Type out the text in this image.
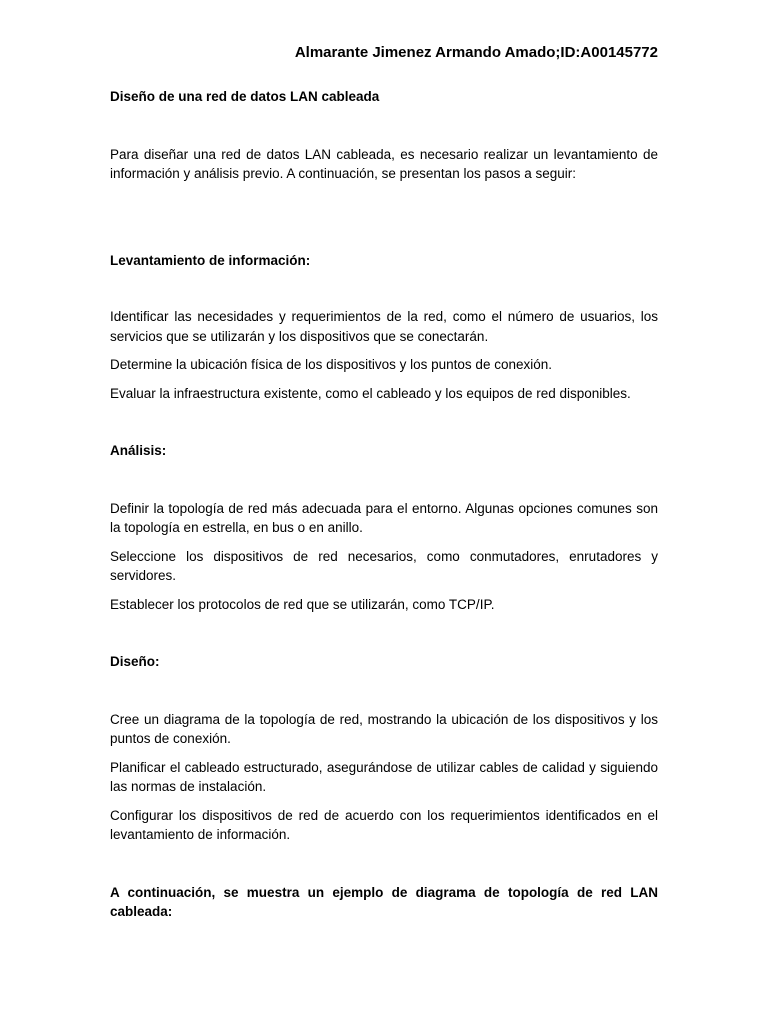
Almarante Jimenez Armando Amado;ID:A00145772

Diseño de una red de datos LAN cableada

Para diseñar una red de datos LAN cableada, es necesario realizar un levantamiento de información y análisis previo. A continuación, se presentan los pasos a seguir:

Levantamiento de información:

Identificar las necesidades y requerimientos de la red, como el número de usuarios, los servicios que se utilizarán y los dispositivos que se conectarán.

Determine la ubicación física de los dispositivos y los puntos de conexión.

Evaluar la infraestructura existente, como el cableado y los equipos de red disponibles.

Análisis:

Definir la topología de red más adecuada para el entorno. Algunas opciones comunes son la topología en estrella, en bus o en anillo.

Seleccione los dispositivos de red necesarios, como conmutadores, enrutadores y servidores.

Establecer los protocolos de red que se utilizarán, como TCP/IP.

Diseño:

Cree un diagrama de la topología de red, mostrando la ubicación de los dispositivos y los puntos de conexión.

Planificar el cableado estructurado, asegurándose de utilizar cables de calidad y siguiendo las normas de instalación.

Configurar los dispositivos de red de acuerdo con los requerimientos identificados en el levantamiento de información.

A continuación, se muestra un ejemplo de diagrama de topología de red LAN cableada:
